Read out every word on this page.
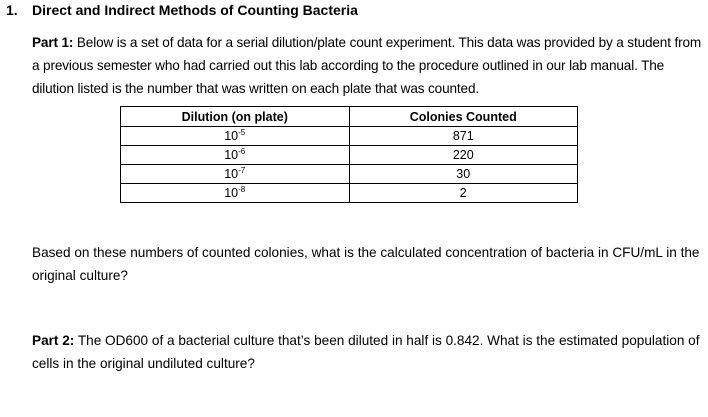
1. Direct and Indirect Methods of Counting Bacteria

Part 1: Below is a set of data for a serial dilution/plate count experiment. This data was provided by a student from a previous semester who had carried out this lab according to the procedure outlined in our lab manual. The dilution listed is the number that was written on each plate that was counted.

Dilution (on plate)	Colonies Counted
$10^{-5}$	871
$10^{-6}$	220
$10^{-7}$	30
$10^{-8}$	2

Based on these numbers of counted colonies, what is the calculated concentration of bacteria in CFU/mL in the original culture?

Part 2: The OD600 of a bacterial culture that’s been diluted in half is 0.842. What is the estimated population of cells in the original undiluted culture?
